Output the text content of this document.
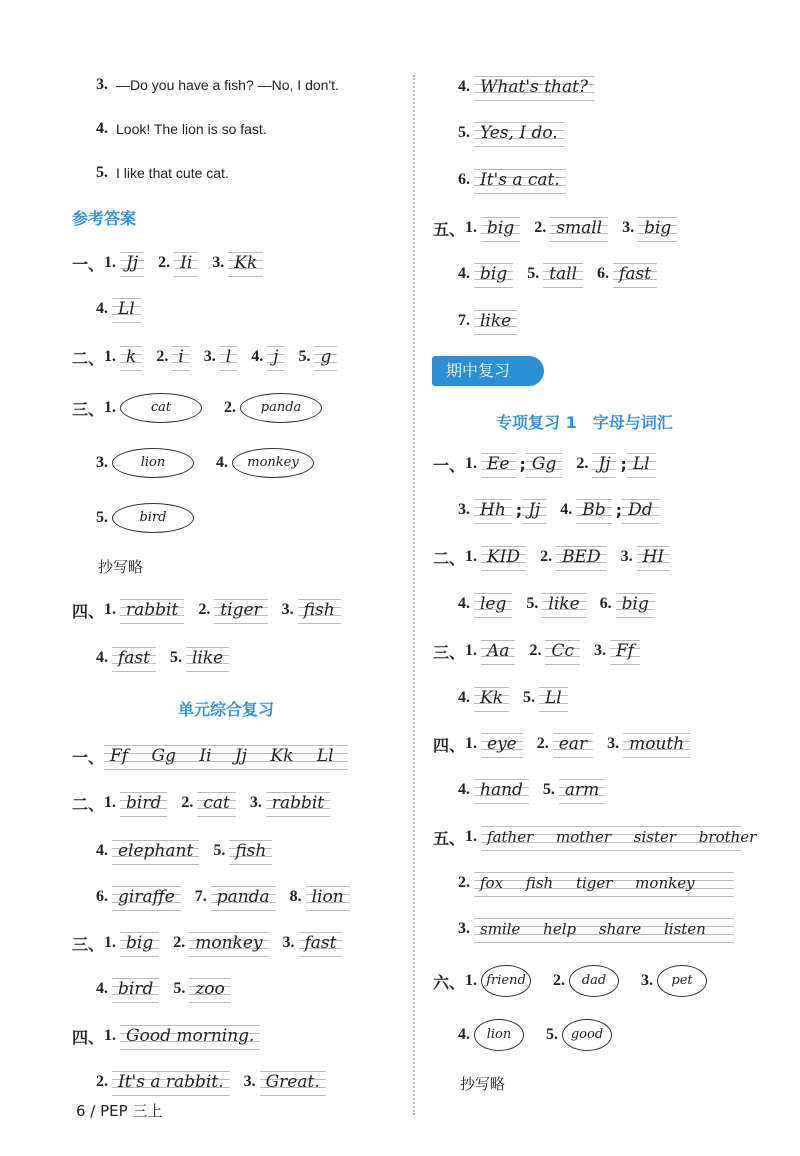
3. —Do you have a fish? —No, I don't.
4. Look! The lion is so fast.
5. I like that cute cat.
参考答案
一、 1. Jj	2. Ii	3. Kk
4. Ll
二、 1. k	2. i	3. l	4. j	5. g
三、 1.	cat	2.	panda
3.	lion	4.	monkey
5.	bird
抄写略
四、 1. rabbit	2. tiger	3. fish
4. fast	5. like
单元综合复习
一、 Ff Gg Ii Jj Kk Ll
二、 1. bird	2. cat	3. rabbit
4. elephant	5. fish
6. giraffe	7. panda	8. lion
三、 1. big	2. monkey	3. fast
4. bird	5. zoo
四、 1. Good morning.
2. It's a rabbit.	3. Great.
6 / PEP 三上
4. What's that?
5. Yes, I do.
6. It's a cat.
五、 1. big	2. small	3. big
4. big	5. tall	6. fast
7. like
期中复习
专项复习 1　字母与词汇
一、 1. Ee ; Gg	2. Jj ; Ll
3. Hh ; Jj	4. Bb ; Dd
二、 1. KID	2. BED	3. HI
4. leg	5. like	6. big
三、 1. Aa	2. Cc	3. Ff
4. Kk	5. Ll
四、 1. eye	2. ear	3. mouth
4. hand	5. arm
五、 1. father mother sister brother
2. fox fish tiger monkey
3. smile help share listen
六、 1. friend	2.	dad	3.	pet
4.	lion	5. good
抄写略
